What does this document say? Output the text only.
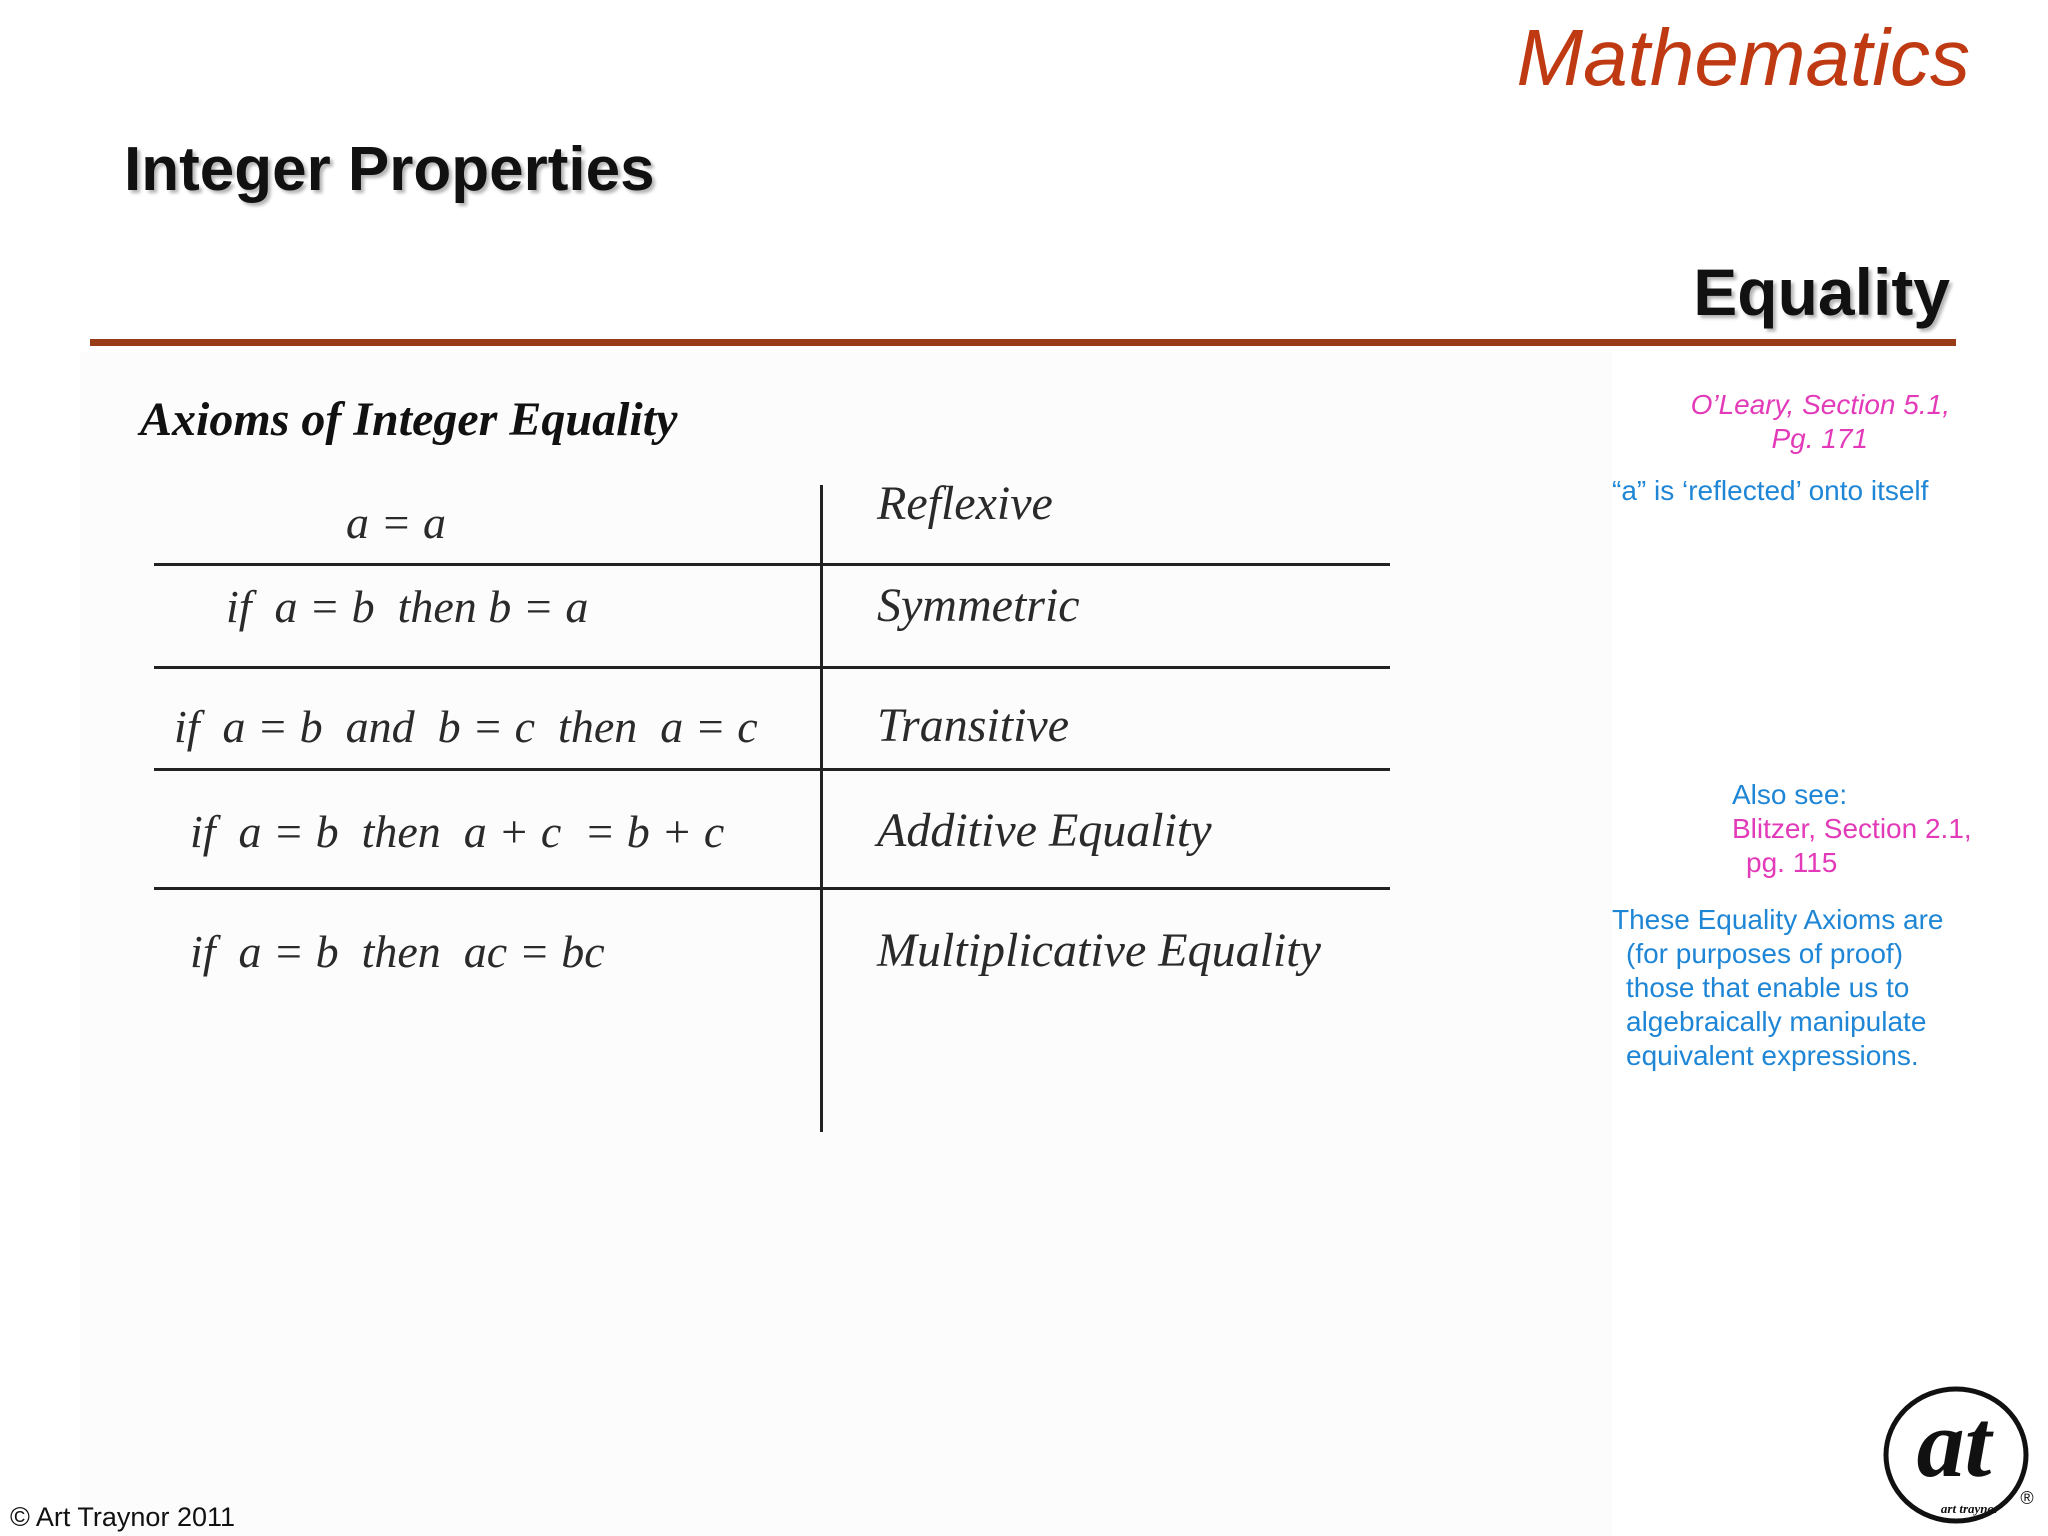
Mathematics
Integer Properties
Equality
Axioms of Integer Equality
a = a	Reflexive
if  a = b  then b = a	Symmetric
if  a = b  and  b = c  then  a = c Transitive
if  a = b  then  a + c  = b + c	Additive Equality
if  a = b  then  ac = bc	Multiplicative Equality
O’Leary, Section 5.1,
Pg. 171
“a” is ‘reflected’ onto itself
Also see:
Blitzer, Section 2.1,
pg. 115
These Equality Axioms are
(for purposes of proof)
those that enable us to
algebraically manipulate
equivalent expressions.
© Art Traynor 2011
at
art traynor
®
